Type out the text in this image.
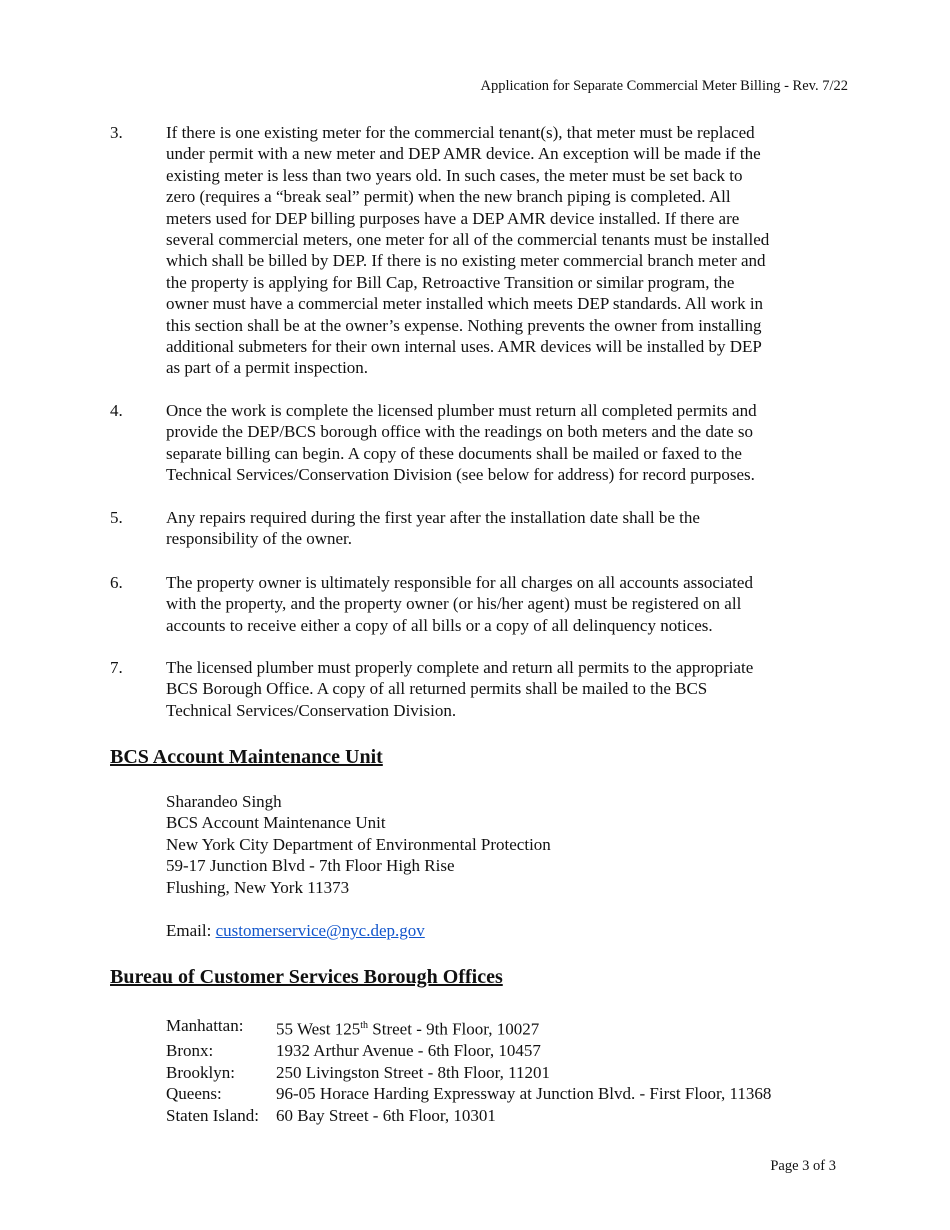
Application for Separate Commercial Meter Billing - Rev. 7/22
3.	If there is one existing meter for the commercial tenant(s), that meter must be replaced
under permit with a new meter and DEP AMR device. An exception will be made if the
existing meter is less than two years old. In such cases, the meter must be set back to
zero (requires a “break seal” permit) when the new branch piping is completed. All
meters used for DEP billing purposes have a DEP AMR device installed. If there are
several commercial meters, one meter for all of the commercial tenants must be installed
which shall be billed by DEP. If there is no existing meter commercial branch meter and
the property is applying for Bill Cap, Retroactive Transition or similar program, the
owner must have a commercial meter installed which meets DEP standards. All work in
this section shall be at the owner’s expense. Nothing prevents the owner from installing
additional submeters for their own internal uses. AMR devices will be installed by DEP
as part of a permit inspection.
4.	Once the work is complete the licensed plumber must return all completed permits and
provide the DEP/BCS borough office with the readings on both meters and the date so
separate billing can begin. A copy of these documents shall be mailed or faxed to the
Technical Services/Conservation Division (see below for address) for record purposes.
5.	Any repairs required during the first year after the installation date shall be the
responsibility of the owner.
6.	The property owner is ultimately responsible for all charges on all accounts associated
with the property, and the property owner (or his/her agent) must be registered on all
accounts to receive either a copy of all bills or a copy of all delinquency notices.
7.	The licensed plumber must properly complete and return all permits to the appropriate
BCS Borough Office. A copy of all returned permits shall be mailed to the BCS
Technical Services/Conservation Division.
BCS Account Maintenance Unit
Sharandeo Singh
BCS Account Maintenance Unit
New York City Department of Environmental Protection
59-17 Junction Blvd - 7th Floor High Rise
Flushing, New York 11373
Email: customerservice@nyc.dep.gov
Bureau of Customer Services Borough Offices
Manhattan:	55 West 125th Street - 9th Floor, 10027
Bronx:	1932 Arthur Avenue - 6th Floor, 10457
Brooklyn:	250 Livingston Street - 8th Floor, 11201
Queens:	96-05 Horace Harding Expressway at Junction Blvd. - First Floor, 11368
Staten Island:	60 Bay Street - 6th Floor, 10301
Page 3 of 3
